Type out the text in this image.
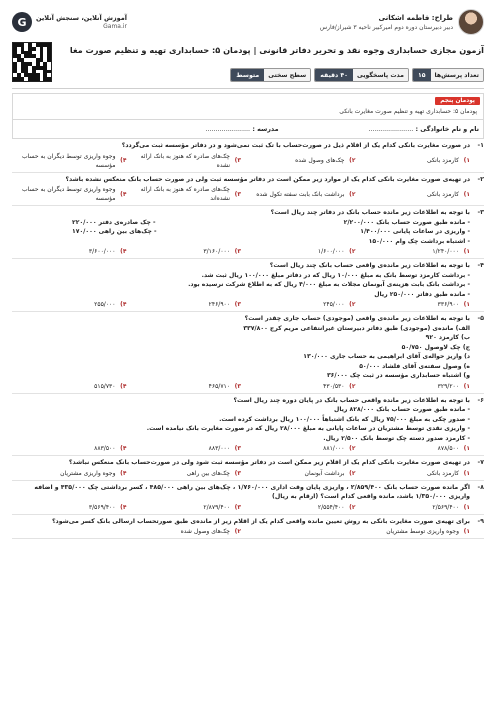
طراح: فاطمه اشکانی
دبیر دبیرستان دوره دوم امیرکبیر ناحیه ۳ شیراز/فارس
G	آموزش آنلاین، سنجش آنلاین
Gama.ir
آزمون مجازی حسابداری وجوه نقد و تحریر دفاتر قانونی | پودمان ۵: حسابداری تهیه و تنظیم صورت مغا
تعداد پرسش‌ها
۱۵
مدت پاسخگویی
۴۰ دقیقه
سطح سختی
متوسط
پودمان پنجم
پودمان ۵: حسابداری تهیه و تنظیم صورت مغایرت بانکی
نام و نام خانوادگی : ......................
مدرسه : ......................
۱-
در صورت مغایرت بانکی کدام یک از اقلام ذیل در صورت‌حساب با تک ثبت نمی‌شود و در دفاتر مؤسسه ثبت می‌گردد؟
۱)
کارمزد بانکی
۲)
چک‌های وصول شده
۳)
چک‌های صادره که هنوز به بانک ارائه نشده
۴)
وجوه واریزی توسط دیگران به حساب مؤسسه
۲-
در تهیه‌ی صورت مغایرت بانکی کدام یک از موارد زیر ممکن است در دفاتر مؤسسه ثبت ولی در صورت حساب بانک منعکس نشده باشد؟
۱)
کارمزد بانکی
۲)
برداشت بانک بابت سفته تکول شده
۳)
چک‌های صادره که هنوز به بانک ارائه نشده‌اند
۴)
وجوه واریزی توسط دیگران به حساب مؤسسه
۳-
با توجه به اطلاعات زیر مانده حساب بانک در دفاتر چند ریال است؟
- مانده طبق صورت حساب بانک ۲/۲۰۰/۰۰۰
- چک صادره‌ی دفتر ۲۲۰/۰۰۰
- واریزی در ساعات پایانی ۱/۴۰۰/۰۰۰
- چک‌های بین راهی ۱۷۰/۰۰۰
- اشتباه برداشت چک وام ۱۵۰/۰۰۰
۱)
۱/۲۴۰/۰۰۰
۲)
۱/۶۰۰/۰۰۰
۳)
۳/۱۶۰/۰۰۰
۴)
۳/۶۰۰/۰۰۰
۴-
با توجه به اطلاعات زیر مانده‌ی واقعی حساب بانک چند ریال است؟
- برداشت کارمزد توسط بانک به مبلغ ۱۰/۰۰۰ ریال که در دفاتر مبلغ ۱۰۰/۰۰۰ ریال ثبت شد.
- برداشت بانک بابت هزینه‌ی آبونمان مجلات به مبلغ ۴/۰۰۰ ریال که به اطلاع شرکت نرسیده بود.
- مانده طبق دفاتر ۲۵۰/۰۰۰ ریال
۱)
۳۳۶/۹۰۰
۲)
۲۴۵/۰۰۰
۳)
۲۴۶/۹۰۰
۴)
۲۵۵/۰۰۰
۵-
با توجه به اطلاعات زیر مانده‌ی واقعی (موجودی) حساب جاری چقدر است؟
الف) مانده‌ی (موجودی) طبق دفاتر دبیرستان غیرانتفاعی مریم کرج ۳۳۷/۸۰۰
ب) کارمزد ۹۲۰
ج) چک لاوصول ۵۰/۷۵۰
د) واریز حواله‌ی آقای ابراهیمی به حساب جاری ۱۳۰/۰۰۰
ه) وصول سفته‌ی آقای فلشاد ۵۰/۰۰۰
و) اشتباه حسابداری مؤسسه در ثبت چک ۳۶/۰۰۰
۱)
۳۲۹/۲۰۰
۲)
۴۳۰/۵۳۰
۳)
۴۶۵/۷۱۰
۴)
۵۱۵/۷۳۰
۶-
با توجه به اطلاعات زیر مانده واقعی حساب بانک در پایان دوره چند ریال است؟
- مانده طبق صورت حساب بانک ۸۲۸/۰۰۰ ریال
- صدور چکی به مبلغ ۷۵/۰۰۰ ریال که بانک اشتباهاً ۱۰۰/۰۰۰ ریال برداشت کرده است.
- واریزی نقدی توسط مشتریان در ساعات پایانی به مبلغ ۲۸/۰۰۰ ریال که در صورت مغایرت بانک نیامده است.
- کارمزد صدور دسته چک توسط بانک ۲/۵۰۰ ریال.
۱)
۸۷۸/۵۰۰
۲)
۸۸۱/۰۰۰
۳)
۸۸۳/۰۰۰
۴)
۸۸۳/۵۰۰
۷-
در تهیه‌ی صورت مغایرت بانکی کدام یک از اقلام زیر ممکن است در دفاتر مؤسسه ثبت شود ولی در صورت‌حساب بانک منعکس نباشد؟
۱)
کارمزد بانکی
۲)
برداشت آبونمان
۳)
چک‌های بین راهی
۴)
وجوه واریزی مشتریان
۸-
اگر مانده صورت حساب بانک ۲/۸۵۹/۴۰۰ ، واریزی پایان وقت اداری ۱/۷۶۰/۰۰۰ ، چک‌های بین راهی ۴۸۵/۰۰۰ ، کسر برداشتی چک ۴۳۵/۰۰۰ و اضافه واریزی ۱/۳۵۰/۰۰۰ باشد، مانده واقعی کدام است؟ (ارقام به ریال)
۱)
۲/۵۶۹/۴۰۰
۲)
۲/۵۵۴/۴۰۰
۳)
۲/۸۷۹/۴۰۰
۴)
۳/۵۶۹/۴۰۰
۹-
برای تهیه‌ی صورت مغایرت بانکی به روش تعیین مانده واقعی کدام یک از اقلام زیر از مانده‌ی طبق صورتحساب ارسالی بانک کسر می‌شود؟
۱)
وجوه واریزی توسط مشتریان
۲)
چک‌های وصول شده
